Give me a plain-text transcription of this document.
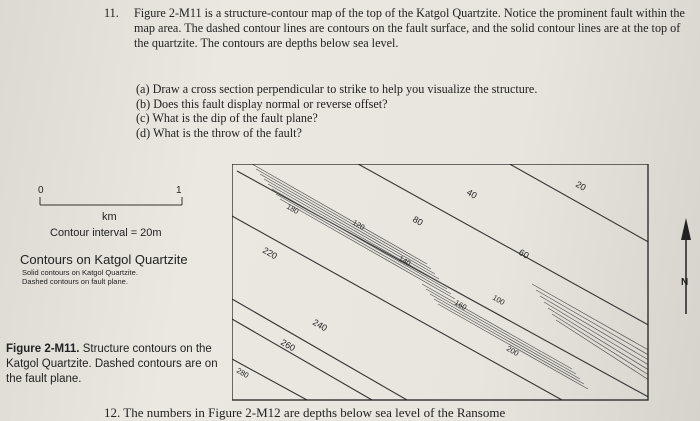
11. Figure 2-M11 is a structure-contour map of the top of the Katgol Quartzite. Notice the prominent fault within the map area. The dashed contour lines are contours on the fault surface, and the solid contour lines are at the top of the quartzite. The contours are depths below sea level.
(a) Draw a cross section perpendicular to strike to help you visualize the structure.
(b) Does this fault display normal or reverse offset?
(c) What is the dip of the fault plane?
(d) What is the throw of the fault?
0	1
km
Contour interval = 20m
Contours on Katgol Quartzite
Solid contours on Katgol Quartzite.
Dashed contours on fault plane.
Figure 2-M11. Structure contours on the Katgol Quartzite. Dashed contours are on the fault plane.
20
40
80
60
180
120
140
220
160	100
240
260	200
280
N
12. The numbers in Figure 2-M12 are depths below sea level of the Ransome
